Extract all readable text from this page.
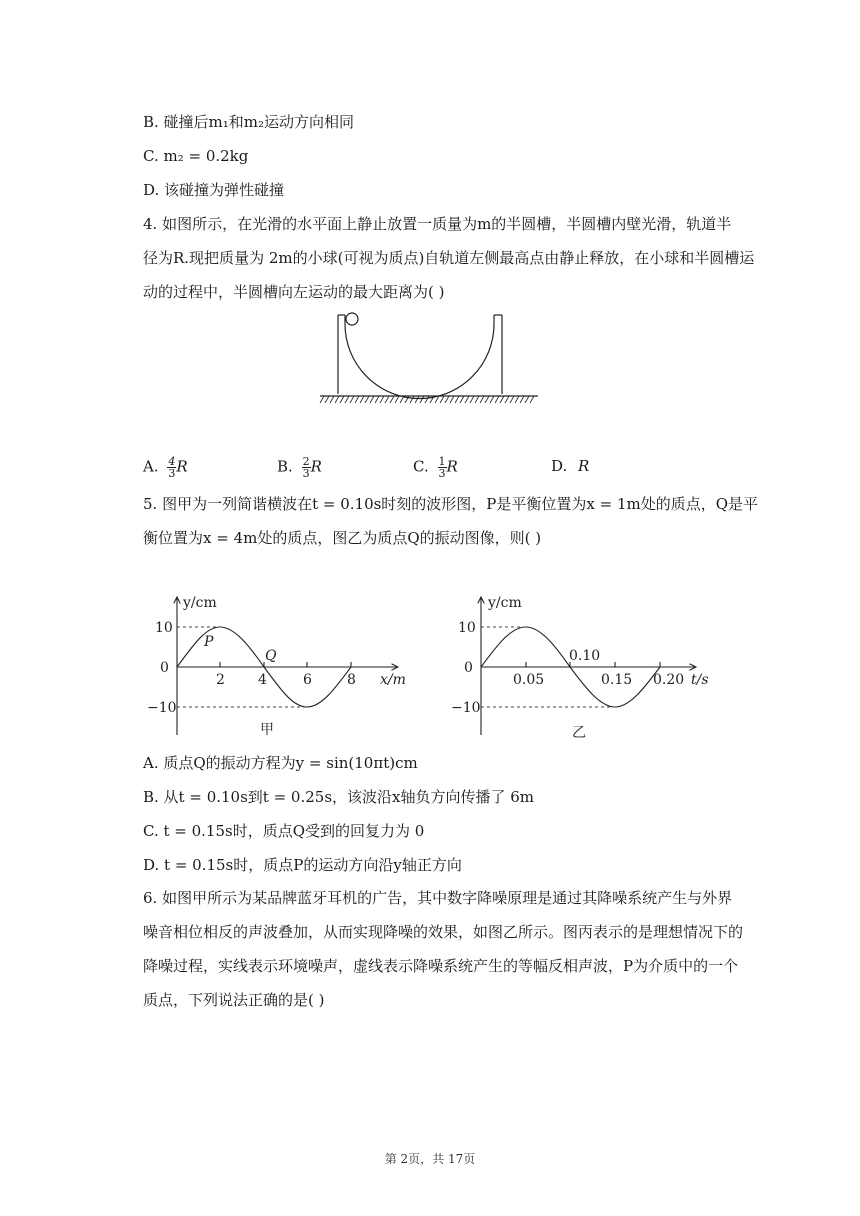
B. 碰撞后m₁和m₂运动方向相同
C. m₂ = 0.2kg
D. 该碰撞为弹性碰撞
4. 如图所示，在光滑的水平面上静止放置一质量为m的半圆槽，半圆槽内壁光滑，轨道半
径为R.现把质量为 2m的小球(可视为质点)自轨道左侧最高点由静止释放，在小球和半圆槽运
动的过程中，半圆槽向左运动的最大距离为( )
A. $\frac{4}{3}$ R	B. $\frac{2}{3}$ R	C. $\frac{1}{3}$ R	D. R
5. 图甲为一列简谐横波在t = 0.10s时刻的波形图，P是平衡位置为x = 1m处的质点，Q是平
衡位置为x = 4m处的质点，图乙为质点Q的振动图像，则( )
y/cm
10
0
−10
2 4	6	8 x/m
P
Q
甲
y/cm
10
0
−10
0.05
0.10
0.15 0.20 t/s
乙
A. 质点Q的振动方程为y = sin(10πt)cm
B. 从t = 0.10s到t = 0.25s，该波沿x轴负方向传播了 6m
C. t = 0.15s时，质点Q受到的回复力为 0
D. t = 0.15s时，质点P的运动方向沿y轴正方向
6. 如图甲所示为某品牌蓝牙耳机的广告，其中数字降噪原理是通过其降噪系统产生与外界
噪音相位相反的声波叠加，从而实现降噪的效果，如图乙所示。图丙表示的是理想情况下的
降噪过程，实线表示环境噪声，虚线表示降噪系统产生的等幅反相声波，P为介质中的一个
质点，下列说法正确的是( )
第 2页，共 17页
